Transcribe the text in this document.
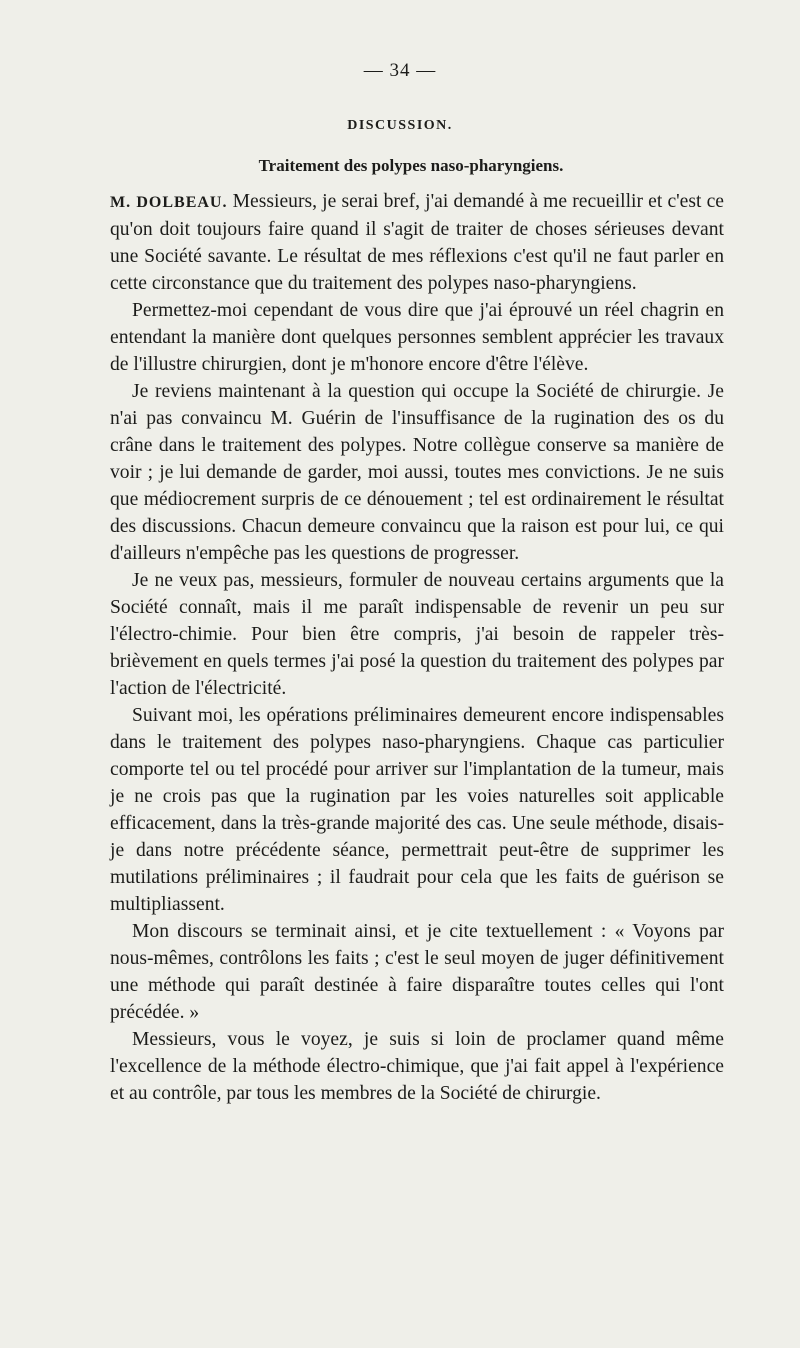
— 34 —
DISCUSSION.
Traitement des polypes naso-pharyngiens.

M. DOLBEAU. Messieurs, je serai bref, j'ai demandé à me recueillir et c'est ce qu'on doit toujours faire quand il s'agit de traiter de choses sérieuses devant une Société savante. Le résultat de mes réflexions c'est qu'il ne faut parler en cette circonstance que du traitement des polypes naso-pharyngiens.

Permettez-moi cependant de vous dire que j'ai éprouvé un réel chagrin en entendant la manière dont quelques personnes semblent apprécier les travaux de l'illustre chirurgien, dont je m'honore encore d'être l'élève.

Je reviens maintenant à la question qui occupe la Société de chirurgie. Je n'ai pas convaincu M. Guérin de l'insuffisance de la rugination des os du crâne dans le traitement des polypes. Notre collègue conserve sa manière de voir ; je lui demande de garder, moi aussi, toutes mes convictions. Je ne suis que médiocrement surpris de ce dénouement ; tel est ordinairement le résultat des discussions. Chacun demeure convaincu que la raison est pour lui, ce qui d'ailleurs n'empêche pas les questions de progresser.

Je ne veux pas, messieurs, formuler de nouveau certains arguments que la Société connaît, mais il me paraît indispensable de revenir un peu sur l'électro-chimie. Pour bien être compris, j'ai besoin de rappeler très-brièvement en quels termes j'ai posé la question du traitement des polypes par l'action de l'électricité.

Suivant moi, les opérations préliminaires demeurent encore indispensables dans le traitement des polypes naso-pharyngiens. Chaque cas particulier comporte tel ou tel procédé pour arriver sur l'implantation de la tumeur, mais je ne crois pas que la rugination par les voies naturelles soit applicable efficacement, dans la très-grande majorité des cas. Une seule méthode, disais-je dans notre précédente séance, permettrait peut-être de supprimer les mutilations préliminaires ; il faudrait pour cela que les faits de guérison se multipliassent.

Mon discours se terminait ainsi, et je cite textuellement : « Voyons par nous-mêmes, contrôlons les faits ; c'est le seul moyen de juger définitivement une méthode qui paraît destinée à faire disparaître toutes celles qui l'ont précédée. »

Messieurs, vous le voyez, je suis si loin de proclamer quand même l'excellence de la méthode électro-chimique, que j'ai fait appel à l'expérience et au contrôle, par tous les membres de la Société de chirurgie.
